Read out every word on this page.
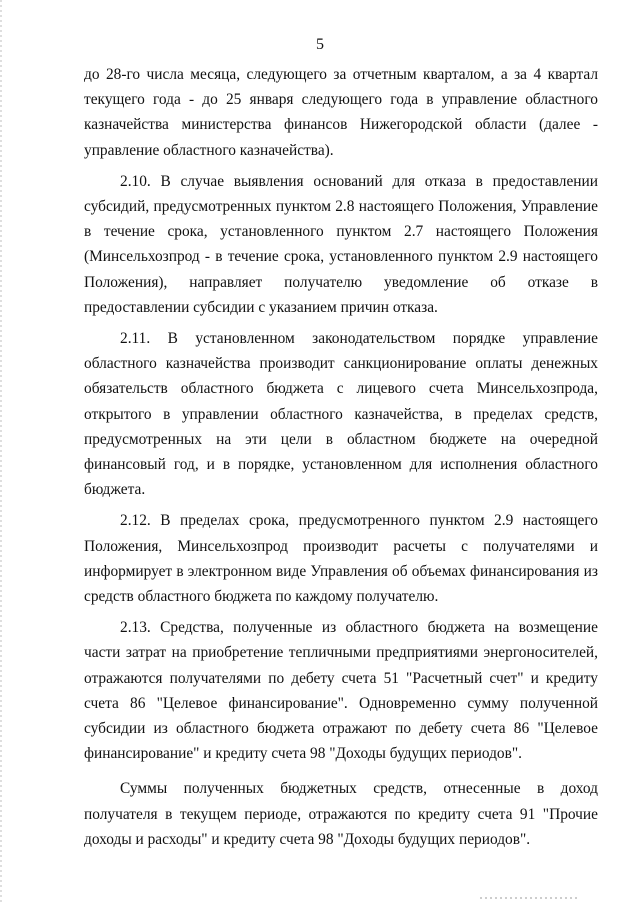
5

до 28-го числа месяца, следующего за отчетным кварталом, а за 4 квартал текущего года - до 25 января следующего года в управление областного казначейства министерства финансов Нижегородской области (далее - управление областного казначейства).

2.10. В случае выявления оснований для отказа в предоставлении субсидий, предусмотренных пунктом 2.8 настоящего Положения, Управление в течение срока, установленного пунктом 2.7 настоящего Положения (Минсельхозпрод - в течение срока, установленного пунктом 2.9 настоящего Положения), направляет получателю уведомление об отказе в предоставлении субсидии с указанием причин отказа.

2.11. В установленном законодательством порядке управление областного казначейства производит санкционирование оплаты денежных обязательств областного бюджета с лицевого счета Минсельхозпрода, открытого в управлении областного казначейства, в пределах средств, предусмотренных на эти цели в областном бюджете на очередной финансовый год, и в порядке, установленном для исполнения областного бюджета.

2.12. В пределах срока, предусмотренного пунктом 2.9 настоящего Положения, Минсельхозпрод производит расчеты с получателями и информирует в электронном виде Управления об объемах финансирования из средств областного бюджета по каждому получателю.

2.13. Средства, полученные из областного бюджета на возмещение части затрат на приобретение тепличными предприятиями энергоносителей, отражаются получателями по дебету счета 51 "Расчетный счет" и кредиту счета 86 "Целевое финансирование". Одновременно сумму полученной субсидии из областного бюджета отражают по дебету счета 86 "Целевое финансирование" и кредиту счета 98 "Доходы будущих периодов".

Суммы полученных бюджетных средств, отнесенные в доход получателя в текущем периоде, отражаются по кредиту счета 91 "Прочие доходы и расходы" и кредиту счета 98 "Доходы будущих периодов".
